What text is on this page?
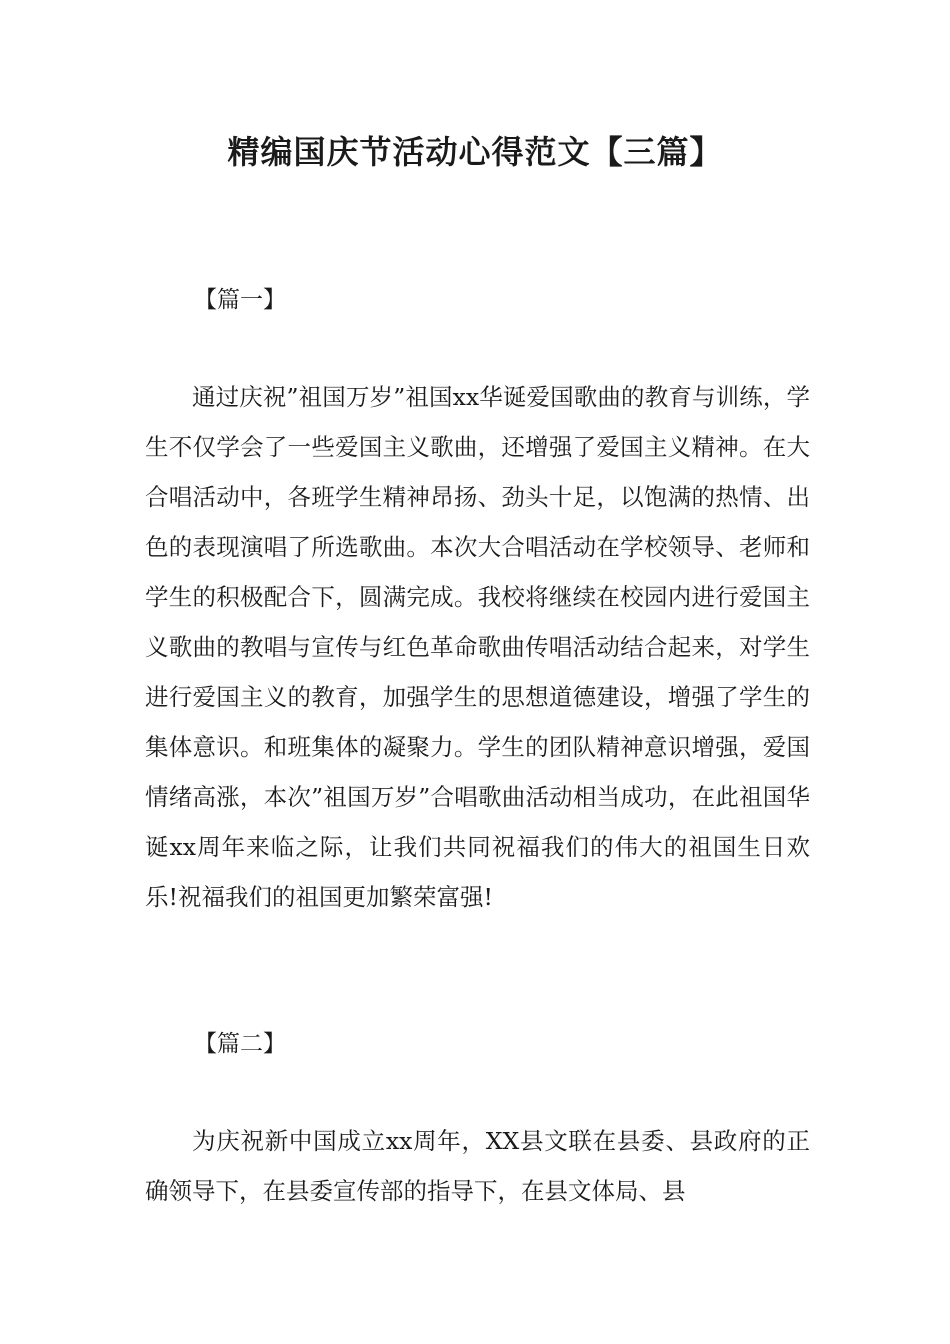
精编国庆节活动心得范文【三篇】
【篇一】

通过庆祝”祖国万岁”祖国xx华诞爱国歌曲的教育与训练，学生不仅学会了一些爱国主义歌曲，还增强了爱国主义精神。在大合唱活动中，各班学生精神昂扬、劲头十足，以饱满的热情、出色的表现演唱了所选歌曲。本次大合唱活动在学校领导、老师和学生的积极配合下，圆满完成。我校将继续在校园内进行爱国主义歌曲的教唱与宣传与红色革命歌曲传唱活动结合起来，对学生进行爱国主义的教育，加强学生的思想道德建设，增强了学生的集体意识。和班集体的凝聚力。学生的团队精神意识增强，爱国情绪高涨，本次”祖国万岁”合唱歌曲活动相当成功，在此祖国华诞xx周年来临之际，让我们共同祝福我们的伟大的祖国生日欢乐!祝福我们的祖国更加繁荣富强!

【篇二】

为庆祝新中国成立xx周年，XX县文联在县委、县政府的正确领导下，在县委宣传部的指导下，在县文体局、县
